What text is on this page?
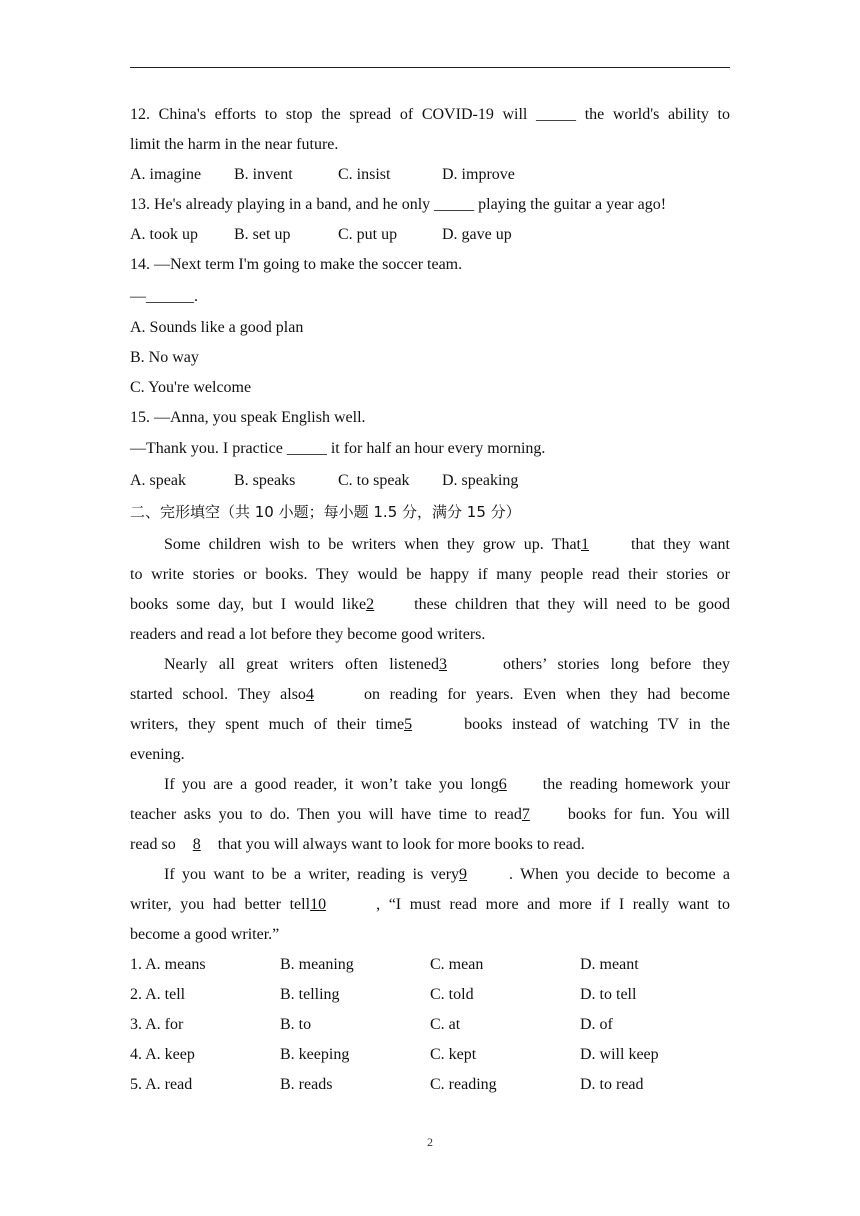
12. China's efforts to stop the spread of COVID-19 will _____ the world's ability to
limit the harm in the near future.
A. imagine B. invent	C. insist	D. improve
13. He's already playing in a band, and he only _____ playing the guitar a year ago!
A. took up B. set up	C. put up	D. gave up
14. —Next term I'm going to make the soccer team.
—______.
A. Sounds like a good plan
B. No way
C. You're welcome
15. —Anna, you speak English well.
—Thank you. I practice _____ it for half an hour every morning.
A. speak	B. speaks	C. to speak D. speaking
二、完形填空（共 10 小题；每小题 1.5 分，满分 15 分）
Some children wish to be writers when they grow up. That1	that they want
to write stories or books. They would be happy if many people read their stories or
books some day, but I would like2	these children that they will need to be good
readers and read a lot before they become good writers.
Nearly all great writers often listened3	others’ stories long before they
started school. They also4	on reading for years. Even when they had become
writers, they spent much of their time5	books instead of watching TV in the
evening.
If you are a good reader, it won’t take you long6 the reading homework your
teacher asks you to do. Then you will have time to read7 books for fun. You will
read so 8 that you will always want to look for more books to read.
If you want to be a writer, reading is very9	. When you decide to become a
writer, you had better tell10	, “I must read more and more if I really want to
become a good writer.”
1. A. means	B. meaning	C. mean	D. meant
2. A. tell	B. telling	C. told	D. to tell
3. A. for	B. to	C. at	D. of
4. A. keep	B. keeping	C. kept	D. will keep
5. A. read	B. reads	C. reading	D. to read
2
